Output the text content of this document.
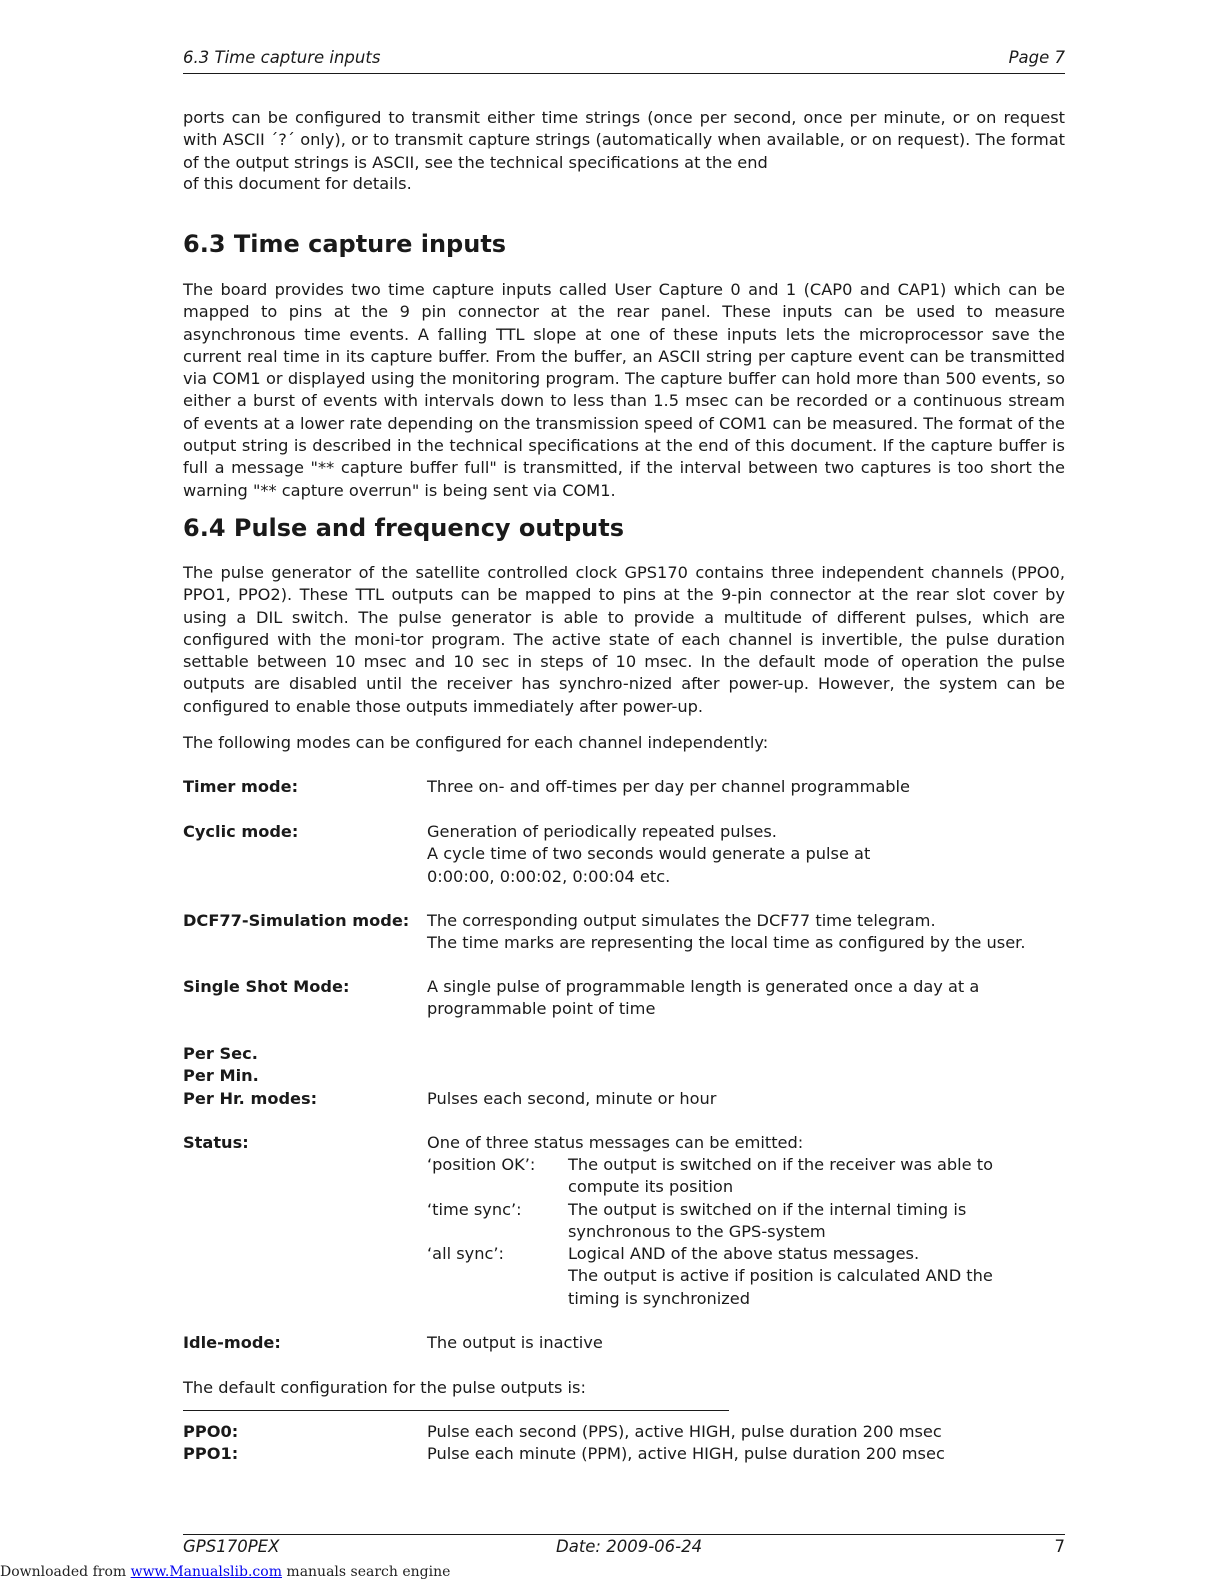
6.3 Time capture inputs	Page 7

ports can be configured to transmit either time strings (once per second, once per minute, or on request with ASCII ´?´ only), or to transmit capture strings (automatically when available, or on request). The format of the output strings is ASCII, see the technical specifications at the end

of this document for details.

6.3 Time capture inputs

The board provides two time capture inputs called User Capture 0 and 1 (CAP0 and CAP1) which can be mapped to pins at the 9 pin connector at the rear panel. These inputs can be used to measure asynchronous time events. A falling TTL slope at one of these inputs lets the microprocessor save the current real time in its capture buffer. From the buffer, an ASCII string per capture event can be transmitted via COM1 or displayed using the monitoring program. The capture buffer can hold more than 500 events, so either a burst of events with intervals down to less than 1.5 msec can be recorded or a continuous stream of events at a lower rate depending on the transmission speed of COM1 can be measured. The format of the output string is described in the technical specifications at the end of this document. If the capture buffer is full a message "** capture buffer full" is transmitted, if the interval between two captures is too short the warning "** capture overrun" is being sent via COM1.

6.4 Pulse and frequency outputs

The pulse generator of the satellite controlled clock GPS170 contains three independent channels (PPO0, PPO1, PPO2). These TTL outputs can be mapped to pins at the 9-pin connector at the rear slot cover by using a DIL switch. The pulse generator is able to provide a multitude of different pulses, which are configured with the moni-tor program. The active state of each channel is invertible, the pulse duration settable between 10 msec and 10 sec in steps of 10 msec. In the default mode of operation the pulse outputs are disabled until the receiver has synchro-nized after power-up. However, the system can be configured to enable those outputs immediately after power-up.

The following modes can be configured for each channel independently:

Timer mode:	Three on- and off-times per day per channel programmable

Cyclic mode:	Generation of periodically repeated pulses.
A cycle time of two seconds would generate a pulse at
0:00:00, 0:00:02, 0:00:04 etc.

DCF77-Simulation mode: The corresponding output simulates the DCF77 time telegram.
The time marks are representing the local time as configured by the user.

Single Shot Mode:	A single pulse of programmable length is generated once a day at a
programmable point of time

Per Sec.

Per Min.

Per Hr. modes:	Pulses each second, minute or hour

Status:	One of three status messages can be emitted:

‘position OK’: The output is switched on if the receiver was able to
compute its position
‘time sync’:	The output is switched on if the internal timing is
synchronous to the GPS-system
‘all sync’:	Logical AND of the above status messages.
The output is active if position is calculated AND the
timing is synchronized

Idle-mode:	The output is inactive

The default configuration for the pulse outputs is:

PPO0:	Pulse each second (PPS), active HIGH, pulse duration 200 msec

PPO1:	Pulse each minute (PPM), active HIGH, pulse duration 200 msec

GPS170PEX	Date: 2009-06-24	7
Downloaded from www.Manualslib.com manuals search engine
